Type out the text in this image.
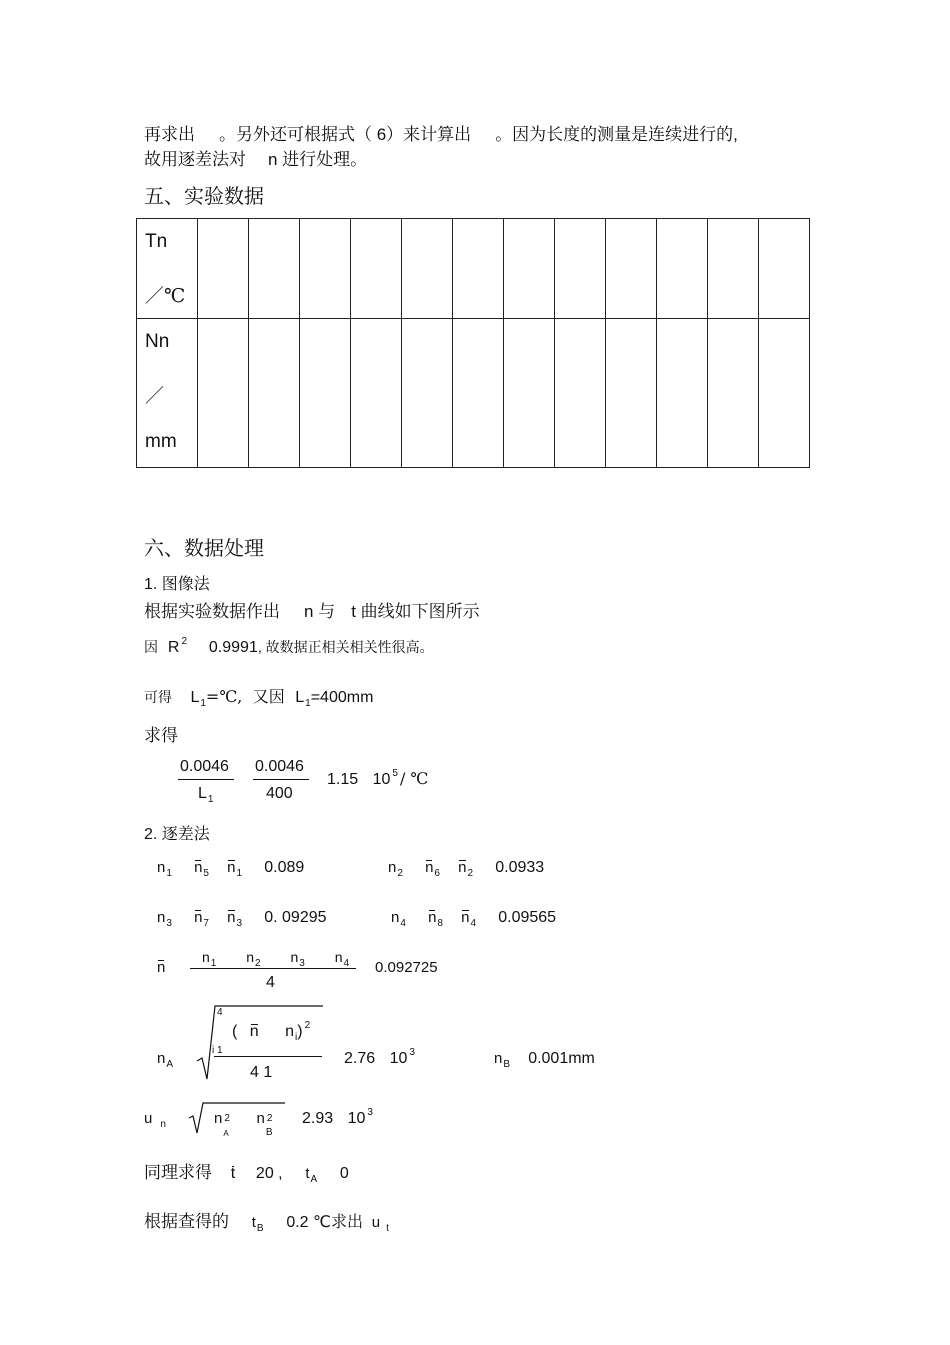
再求出 。另外还可根据式（ 6）来计算出 。因为长度的测量是连续进行的,
故用逐差法对 n 进行处理。
五、实验数据
Tn
／℃												

Nn
／
mm												

六、数据处理
1. 图像法
根据实验数据作出 n 与 t 曲线如下图所示
因 R $^2$ 0.9991, 故数据正相关相关性很高。
可得 $L_1=℃$, 又因 $L_1=400mm$
求得
0.0046
$L_1$
0.0046
400
1.15 10 $^5$ / ℃
2. 逐差法
$n_1$ $n_5$ $n_1$ 0.089	$n_2$ $n_6$ $n_2$ 0.0933
$n_3$ $n_7$ $n_3$ 0. 09295	$n_4$ $n_8$ $n_4$ 0.09565
n
$n_1$ $n_2$ $n_3$ $n_4$
4
0.092725
$n_A$
4
i 1
( n $n_i$) $^2$
4 1
2.76 10 $^3$	$n_B$ 0.001mm
u $_n$	n 2
A
n 2
B
2.93 10 $^3$
同理求得 t 20 , $t_A$ 0
根据查得的 $t_B$ 0.2 ℃求出 u $_t$
